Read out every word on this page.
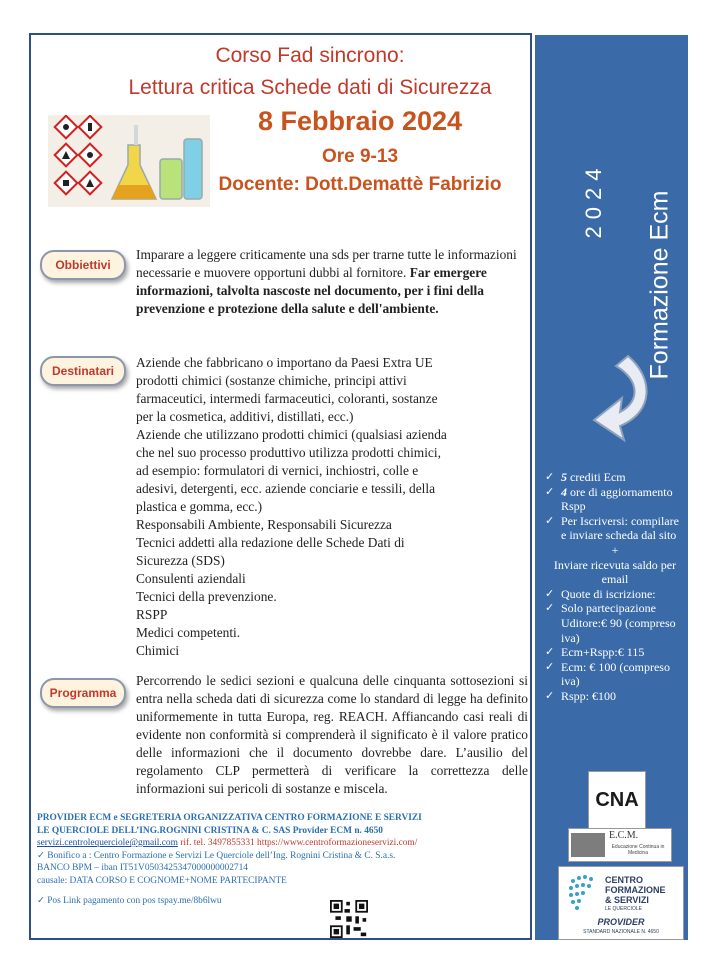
Corso Fad sincrono:
Lettura critica Schede dati di Sicurezza
8 Febbraio 2024
Ore 9-13
Docente: Dott.Demattè Fabrizio
Obbiettivi
Imparare a leggere criticamente una sds per trarne tutte le informazioni necessarie e muovere opportuni dubbi al fornitore. Far emergere informazioni, talvolta nascoste nel documento, per i fini della prevenzione e protezione della salute e dell'ambiente.
Destinatari
Aziende che fabbricano o importano da Paesi Extra UE
prodotti chimici (sostanze chimiche, principi attivi
farmaceutici, intermedi farmaceutici, coloranti, sostanze
per la cosmetica, additivi, distillati, ecc.)
Aziende che utilizzano prodotti chimici (qualsiasi azienda
che nel suo processo produttivo utilizza prodotti chimici,
ad esempio: formulatori di vernici, inchiostri, colle e
adesivi, detergenti, ecc. aziende conciarie e tessili, della
plastica e gomma, ecc.)
Responsabili Ambiente, Responsabili Sicurezza
Tecnici addetti alla redazione delle Schede Dati di
Sicurezza (SDS)
Consulenti aziendali
Tecnici della prevenzione.
RSPP
Medici competenti.
Chimici
Programma
Percorrendo le sedici sezioni e qualcuna delle cinquanta sottosezioni si entra nella scheda dati di sicurezza come lo standard di legge ha definito uniformemente in tutta Europa, reg. REACH. Affiancando casi reali di evidente non conformità si comprenderà il significato è il valore pratico delle informazioni che il documento dovrebbe dare. L’ausilio del regolamento CLP permetterà di verificare la correttezza delle informazioni sui pericoli di sostanze e miscela.
PROVIDER ECM e SEGRETERIA ORGANIZZATIVA CENTRO FORMAZIONE E SERVIZI
LE QUERCIOLE DELL’ING.ROGNINI CRISTINA & C. SAS Provider ECM n. 4650
servizi.centrolequerciole@gmail.com rif. tel. 3497855331 https://www.centroformazioneservizi.com/
✓ Bonifico a : Centro Formazione e Servizi Le Querciole dell’Ing. Rognini Cristina & C. S.a.s.
BANCO BPM – iban IT51V0503425347000000002714
causale: DATA CORSO E COGNOME+NOME PARTECIPANTE
✓ Pos Link pagamento con pos tspay.me/8b6lwu
2024 Formazione Ecm
✓ 5 crediti Ecm
✓ 4 ore di aggiornamento Rspp
✓ Per Iscriversi: compilare e inviare scheda dal sito
+
Inviare ricevuta saldo per email
✓ Quote di iscrizione:
✓ Solo partecipazione Uditore:€ 90 (compreso iva)
✓ Ecm+Rspp:€ 115
✓ Ecm: € 100 (compreso iva)
✓ Rspp: €100
CNA
E.C.M.
Educazione Continua in Medicina
CENTRO
FORMAZIONE
& SERVIZI
LE QUERCIOLE
PROVIDER
STANDARD NAZIONALE N. 4650
